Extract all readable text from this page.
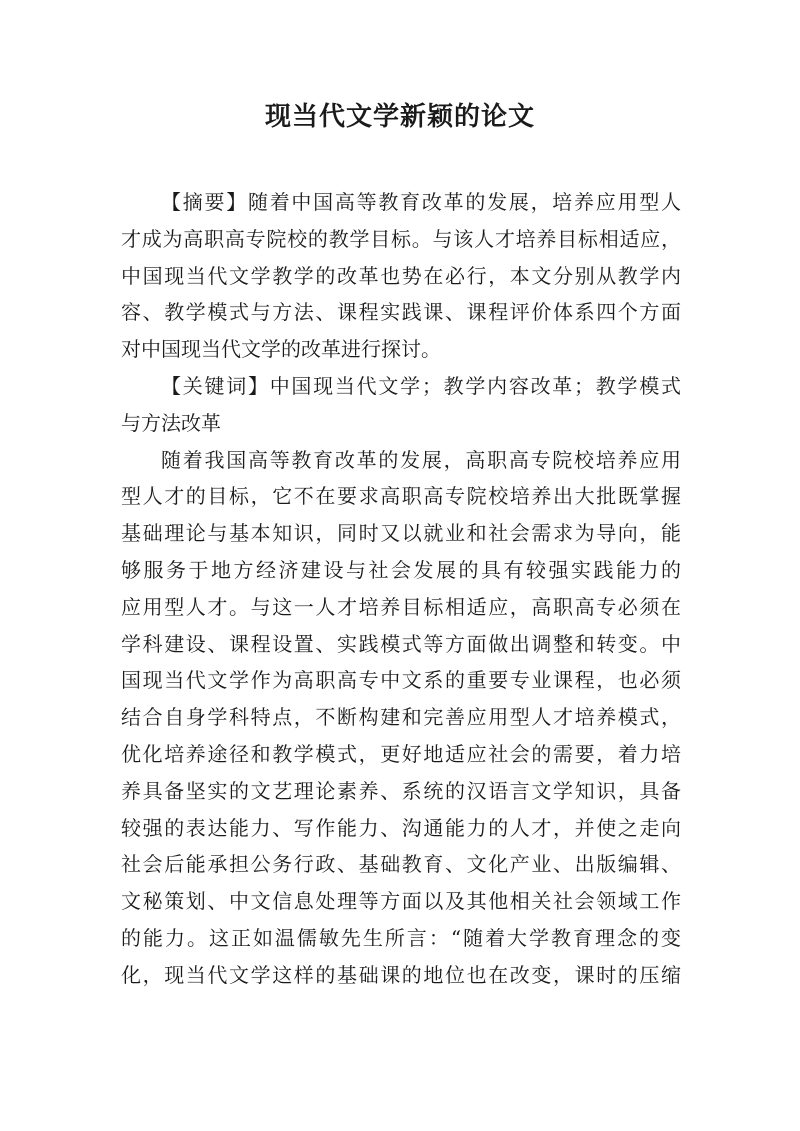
现当代文学新颖的论文
【摘要】随着中国高等教育改革的发展，培养应用型人
才成为高职高专院校的教学目标。与该人才培养目标相适应，
中国现当代文学教学的改革也势在必行，本文分别从教学内
容、教学模式与方法、课程实践课、课程评价体系四个方面
对中国现当代文学的改革进行探讨。
【关键词】中国现当代文学；教学内容改革；教学模式
与方法改革
随着我国高等教育改革的发展，高职高专院校培养应用
型人才的目标，它不在要求高职高专院校培养出大批既掌握
基础理论与基本知识，同时又以就业和社会需求为导向，能
够服务于地方经济建设与社会发展的具有较强实践能力的
应用型人才。与这一人才培养目标相适应，高职高专必须在
学科建设、课程设置、实践模式等方面做出调整和转变。中
国现当代文学作为高职高专中文系的重要专业课程，也必须
结合自身学科特点，不断构建和完善应用型人才培养模式，
优化培养途径和教学模式，更好地适应社会的需要，着力培
养具备坚实的文艺理论素养、系统的汉语言文学知识，具备
较强的表达能力、写作能力、沟通能力的人才，并使之走向
社会后能承担公务行政、基础教育、文化产业、出版编辑、
文秘策划、中文信息处理等方面以及其他相关社会领域工作
的能力。这正如温儒敏先生所言：“随着大学教育理念的变
化，现当代文学这样的基础课的地位也在改变，课时的压缩
